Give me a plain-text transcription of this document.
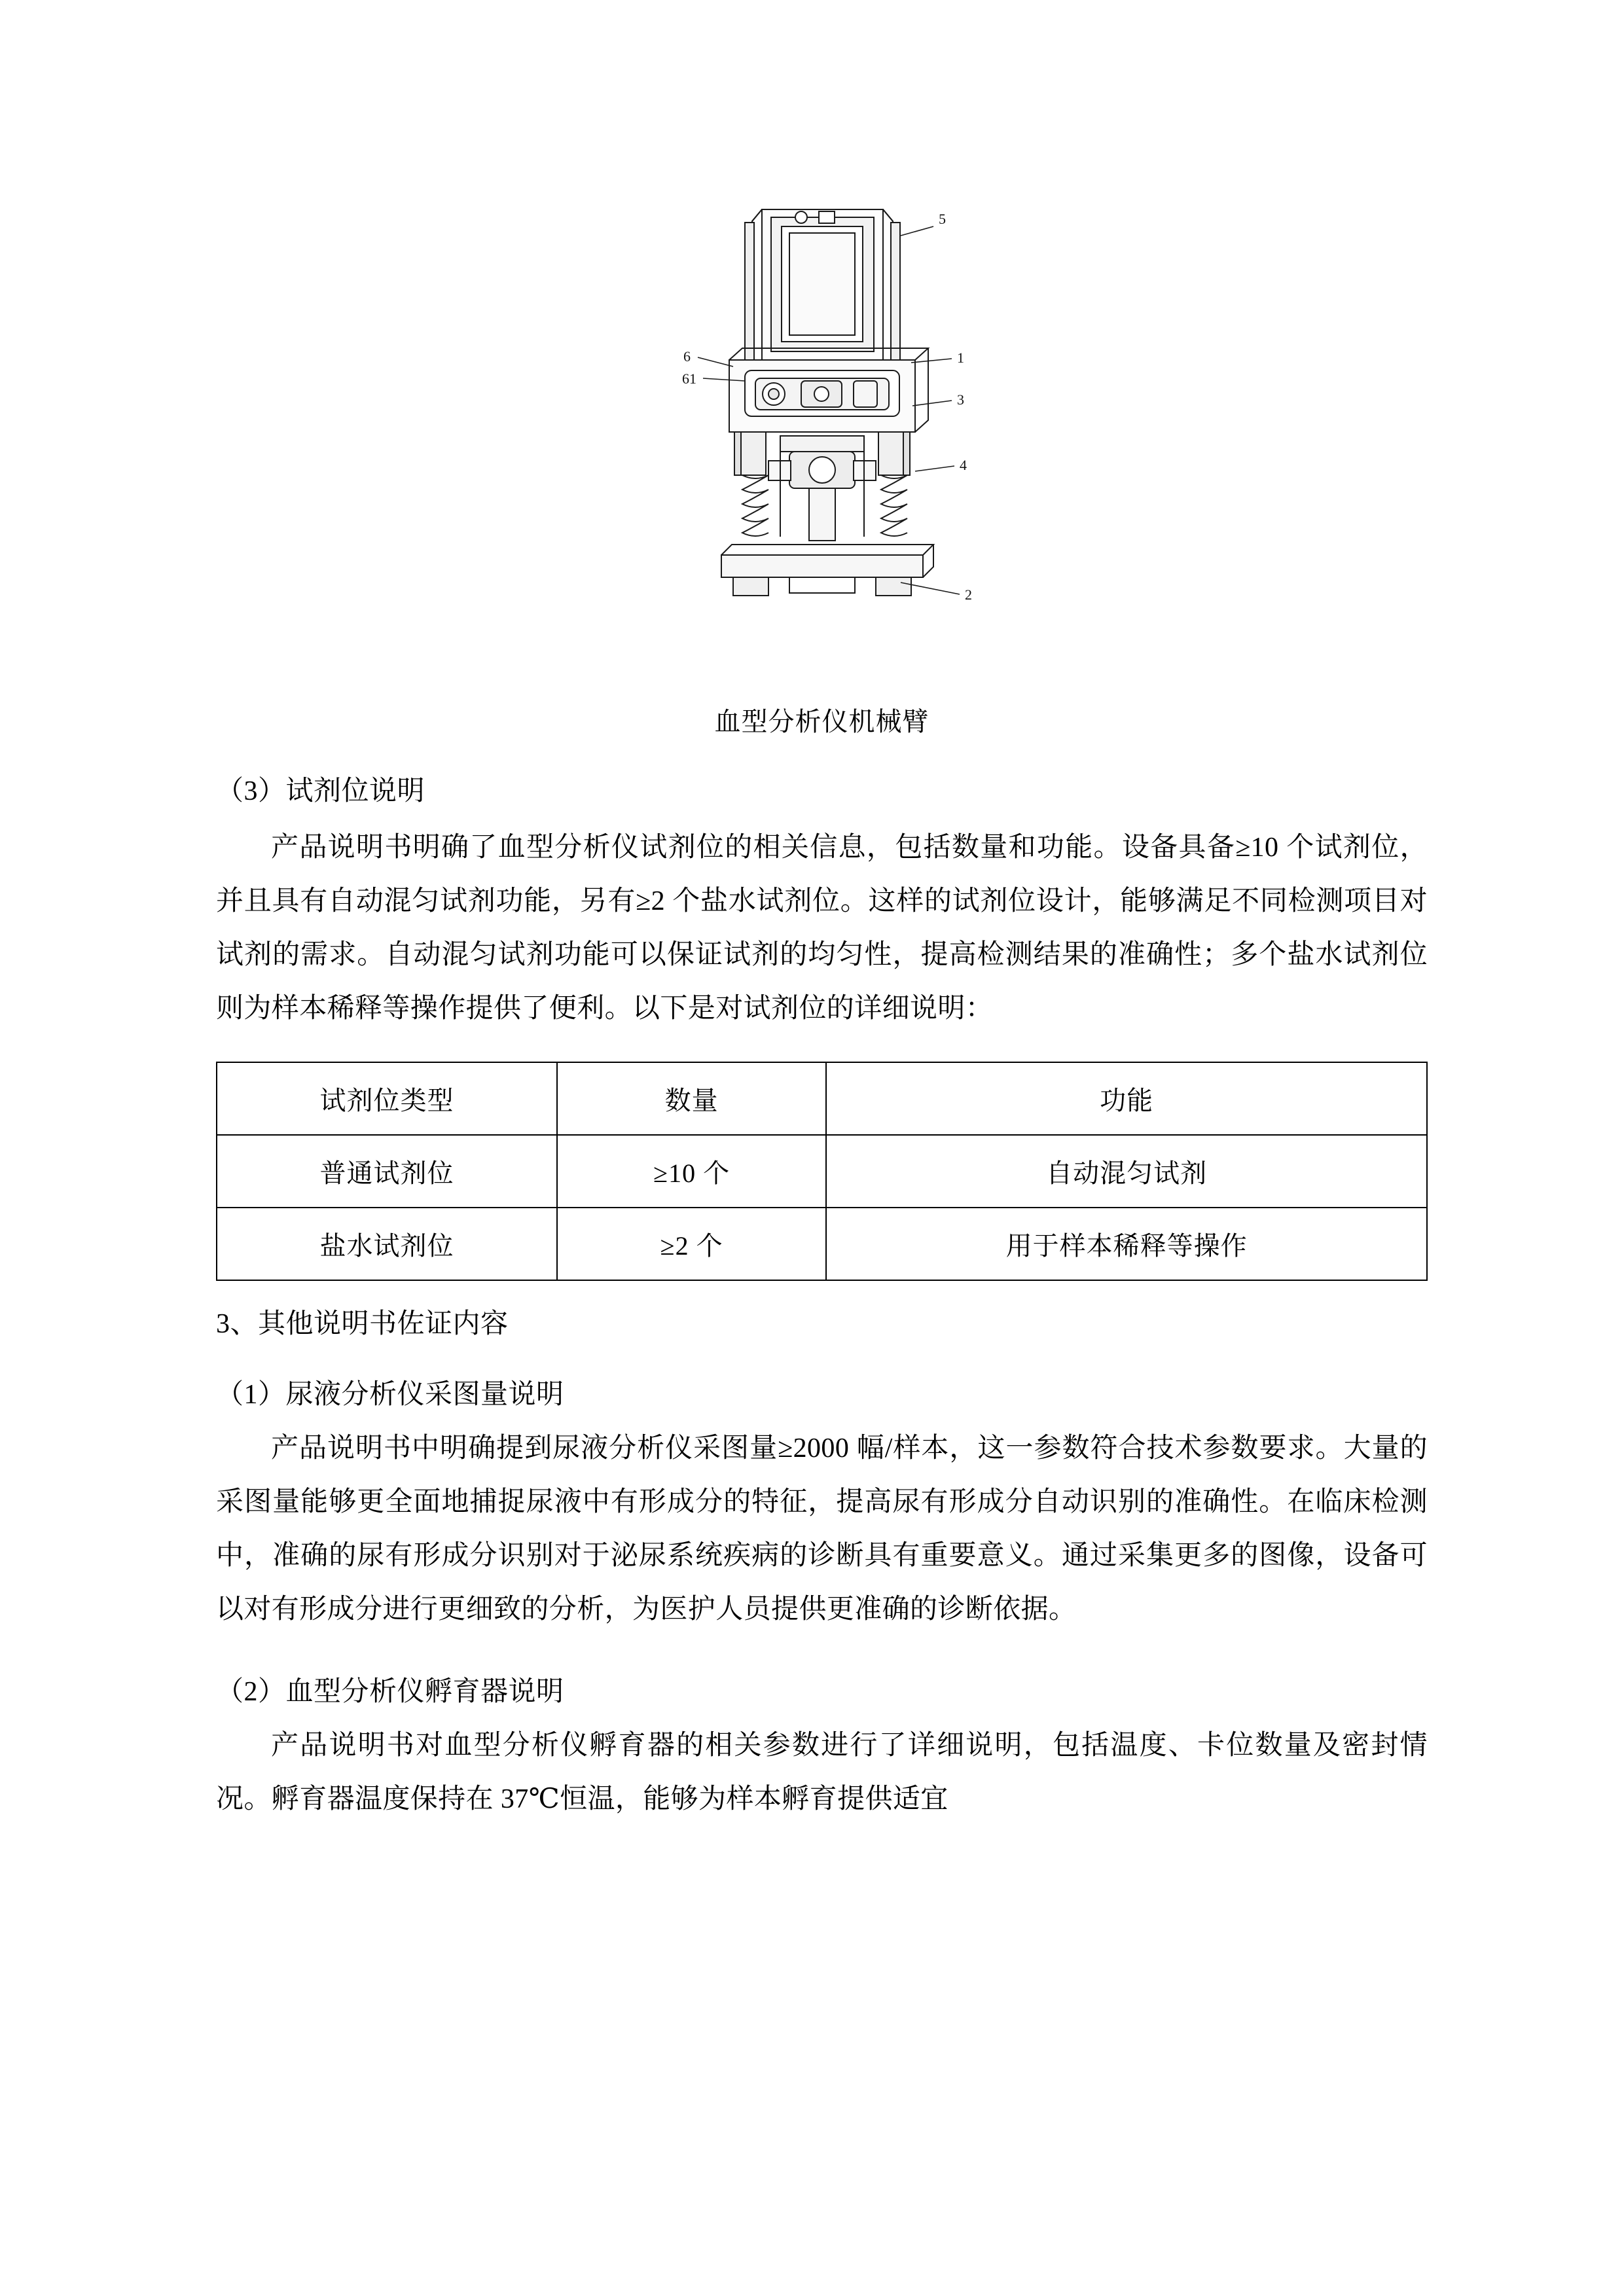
5
6
61
1
3
4
2
血型分析仪机械臂
（3）试剂位说明
产品说明书明确了血型分析仪试剂位的相关信息，包括数量和功能。设备具备≥10 个试剂位，并且具有自动混匀试剂功能，另有≥2 个盐水试剂位。这样的试剂位设计，能够满足不同检测项目对试剂的需求。自动混匀试剂功能可以保证试剂的均匀性，提高检测结果的准确性；多个盐水试剂位则为样本稀释等操作提供了便利。以下是对试剂位的详细说明：
试剂位类型	数量	功能
普通试剂位	≥10 个	自动混匀试剂
盐水试剂位	≥2 个	用于样本稀释等操作
3、其他说明书佐证内容
（1）尿液分析仪采图量说明
产品说明书中明确提到尿液分析仪采图量≥2000 幅/样本，这一参数符合技术参数要求。大量的采图量能够更全面地捕捉尿液中有形成分的特征，提高尿有形成分自动识别的准确性。在临床检测中，准确的尿有形成分识别对于泌尿系统疾病的诊断具有重要意义。通过采集更多的图像，设备可以对有形成分进行更细致的分析，为医护人员提供更准确的诊断依据。
（2）血型分析仪孵育器说明
产品说明书对血型分析仪孵育器的相关参数进行了详细说明，包括温度、卡位数量及密封情况。孵育器温度保持在 37℃恒温，能够为样本孵育提供适宜
